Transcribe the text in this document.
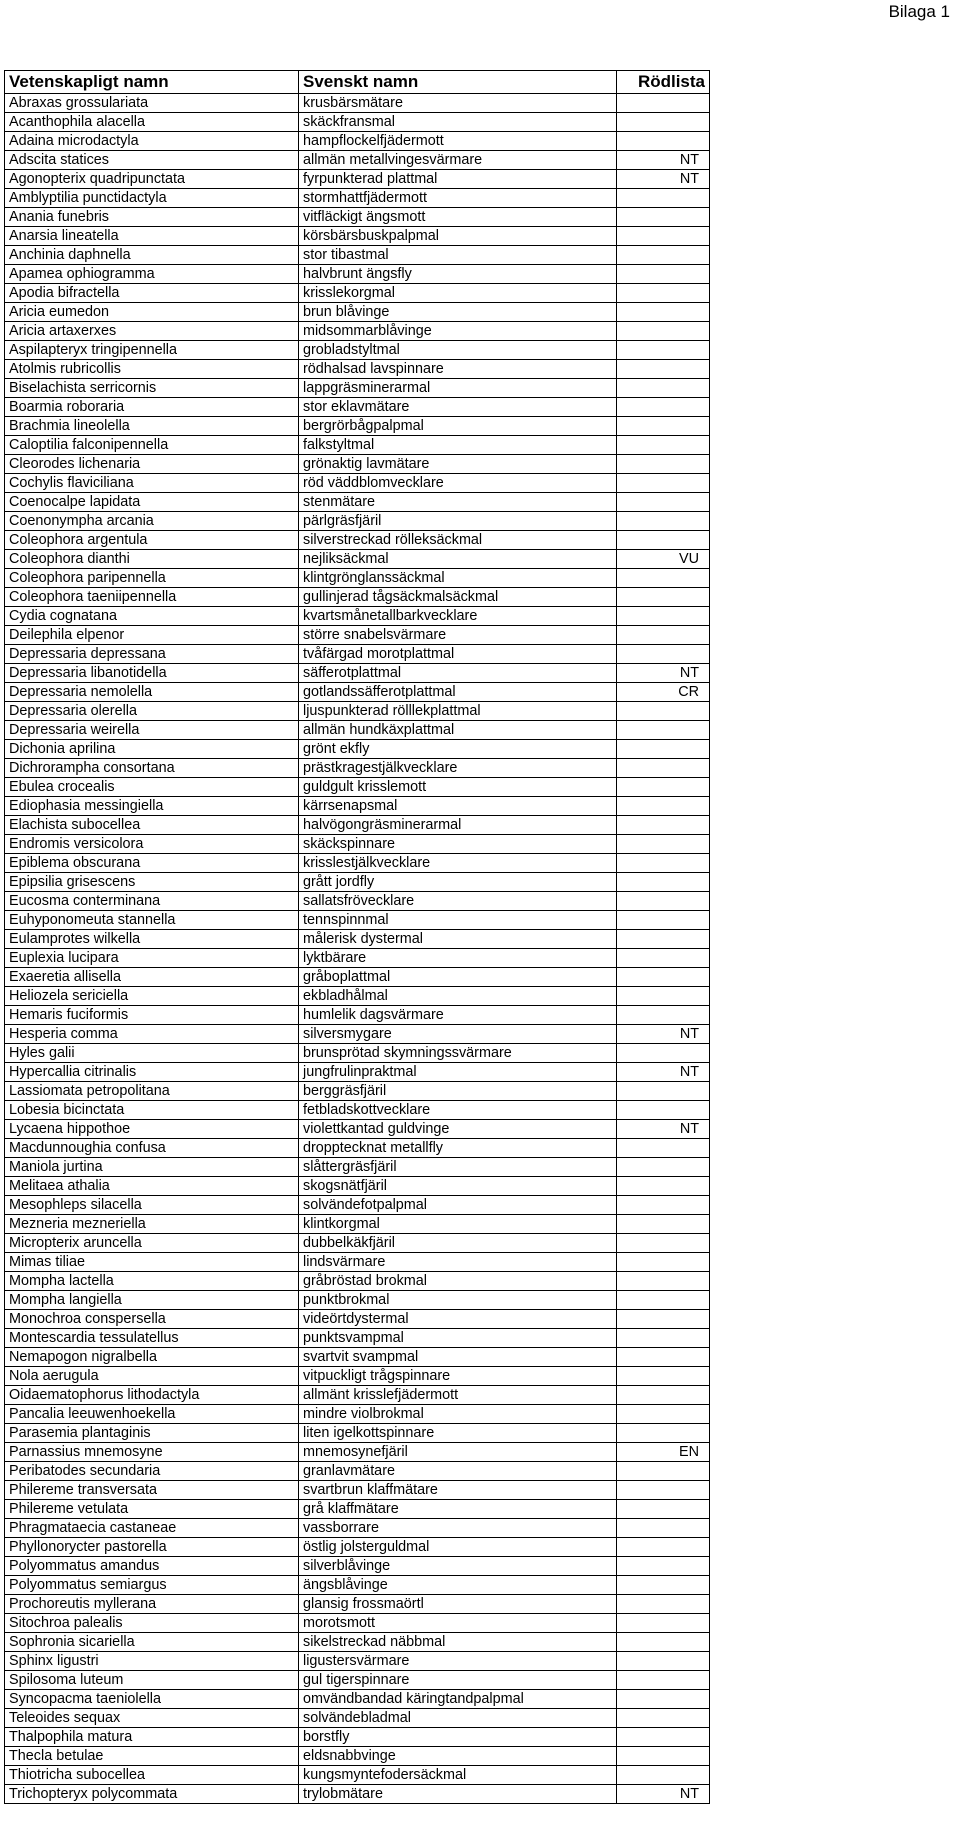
Bilaga 1
Vetenskapligt namn	Svenskt namn	Rödlista
Abraxas grossulariata	krusbärsmätare	
Acanthophila alacella	skäckfransmal	
Adaina microdactyla	hampflockelfjädermott	
Adscita statices	allmän metallvingesvärmare	NT
Agonopterix quadripunctata	fyrpunkterad plattmal	NT
Amblyptilia punctidactyla	stormhattfjädermott	
Anania funebris	vitfläckigt ängsmott	
Anarsia lineatella	körsbärsbuskpalpmal	
Anchinia daphnella	stor tibastmal	
Apamea ophiogramma	halvbrunt ängsfly	
Apodia bifractella	krisslekorgmal	
Aricia eumedon	brun blåvinge	
Aricia artaxerxes	midsommarblåvinge	
Aspilapteryx tringipennella	grobladstyltmal	
Atolmis rubricollis	rödhalsad lavspinnare	
Biselachista serricornis	lappgräsminerarmal	
Boarmia roboraria	stor eklavmätare	
Brachmia lineolella	bergrörbågpalpmal	
Caloptilia falconipennella	falkstyltmal	
Cleorodes lichenaria	grönaktig lavmätare	
Cochylis flaviciliana	röd väddblomvecklare	
Coenocalpe lapidata	stenmätare	
Coenonympha arcania	pärlgräsfjäril	
Coleophora argentula	silverstreckad rölleksäckmal	
Coleophora dianthi	nejliksäckmal	VU
Coleophora paripennella	klintgrönglanssäckmal	
Coleophora taeniipennella	gullinjerad tågsäckmalsäckmal	
Cydia cognatana	kvartsmånetallbarkvecklare	
Deilephila elpenor	större snabelsvärmare	
Depressaria depressana	tvåfärgad morotplattmal	
Depressaria libanotidella	säfferotplattmal	NT
Depressaria nemolella	gotlandssäfferotplattmal	CR
Depressaria olerella	ljuspunkterad rölllekplattmal	
Depressaria weirella	allmän hundkäxplattmal	
Dichonia aprilina	grönt ekfly	
Dichrorampha consortana	prästkragestjälkvecklare	
Ebulea crocealis	guldgult krisslemott	
Ediophasia messingiella	kärrsenapsmal	
Elachista subocellea	halvögongräsminerarmal	
Endromis versicolora	skäckspinnare	
Epiblema obscurana	krisslestjälkvecklare	
Epipsilia grisescens	grått jordfly	
Eucosma conterminana	sallatsfrövecklare	
Euhyponomeuta stannella	tennspinnmal	
Eulamprotes wilkella	målerisk dystermal	
Euplexia lucipara	lyktbärare	
Exaeretia allisella	gråboplattmal	
Heliozela sericiella	ekbladhålmal	
Hemaris fuciformis	humlelik dagsvärmare	
Hesperia comma	silversmygare	NT
Hyles galii	brunsprötad skymningssvärmare	
Hypercallia citrinalis	jungfrulinpraktmal	NT
Lassiomata petropolitana	berggräsfjäril	
Lobesia bicinctata	fetbladskottvecklare	
Lycaena hippothoe	violettkantad guldvinge	NT
Macdunnoughia confusa	dropptecknat metallfly	
Maniola jurtina	slåttergräsfjäril	
Melitaea athalia	skogsnätfjäril	
Mesophleps silacella	solvändefotpalpmal	
Mezneria mezneriella	klintkorgmal	
Micropterix aruncella	dubbelkäkfjäril	
Mimas tiliae	lindsvärmare	
Mompha lactella	gråbröstad brokmal	
Mompha langiella	punktbrokmal	
Monochroa conspersella	videörtdystermal	
Montescardia tessulatellus	punktsvampmal	
Nemapogon nigralbella	svartvit svampmal	
Nola aerugula	vitpuckligt trågspinnare	
Oidaematophorus lithodactyla	allmänt krisslefjädermott	
Pancalia leeuwenhoekella	mindre violbrokmal	
Parasemia plantaginis	liten igelkottspinnare	
Parnassius mnemosyne	mnemosynefjäril	EN
Peribatodes secundaria	granlavmätare	
Phileremе transversata	svartbrun klaffmätare	
Phileremе vetulata	grå klaffmätare	
Phragmataecia castaneae	vassborrare	
Phyllonorycter pastorella	östlig jolsterguldmal	
Polyommatus amandus	silverblåvinge	
Polyommatus semiargus	ängsblåvinge	
Prochoreutis myllerana	glansig frossmaörtl	
Sitochroa palealis	morotsmott	
Sophronia sicariella	sikelstreckad näbbmal	
Sphinx ligustri	ligustersvärmare	
Spilosoma luteum	gul tigerspinnare	
Syncopacma taeniolella	omvändbandad käringtandpalpmal	
Teleoides sequax	solvändebladmal	
Thalpophila matura	borstfly	
Thecla betulae	eldsnabbvinge	
Thiotricha subocellea	kungsmyntefodersäckmal	
Trichopteryx polycommata	trylobmätare	NT
